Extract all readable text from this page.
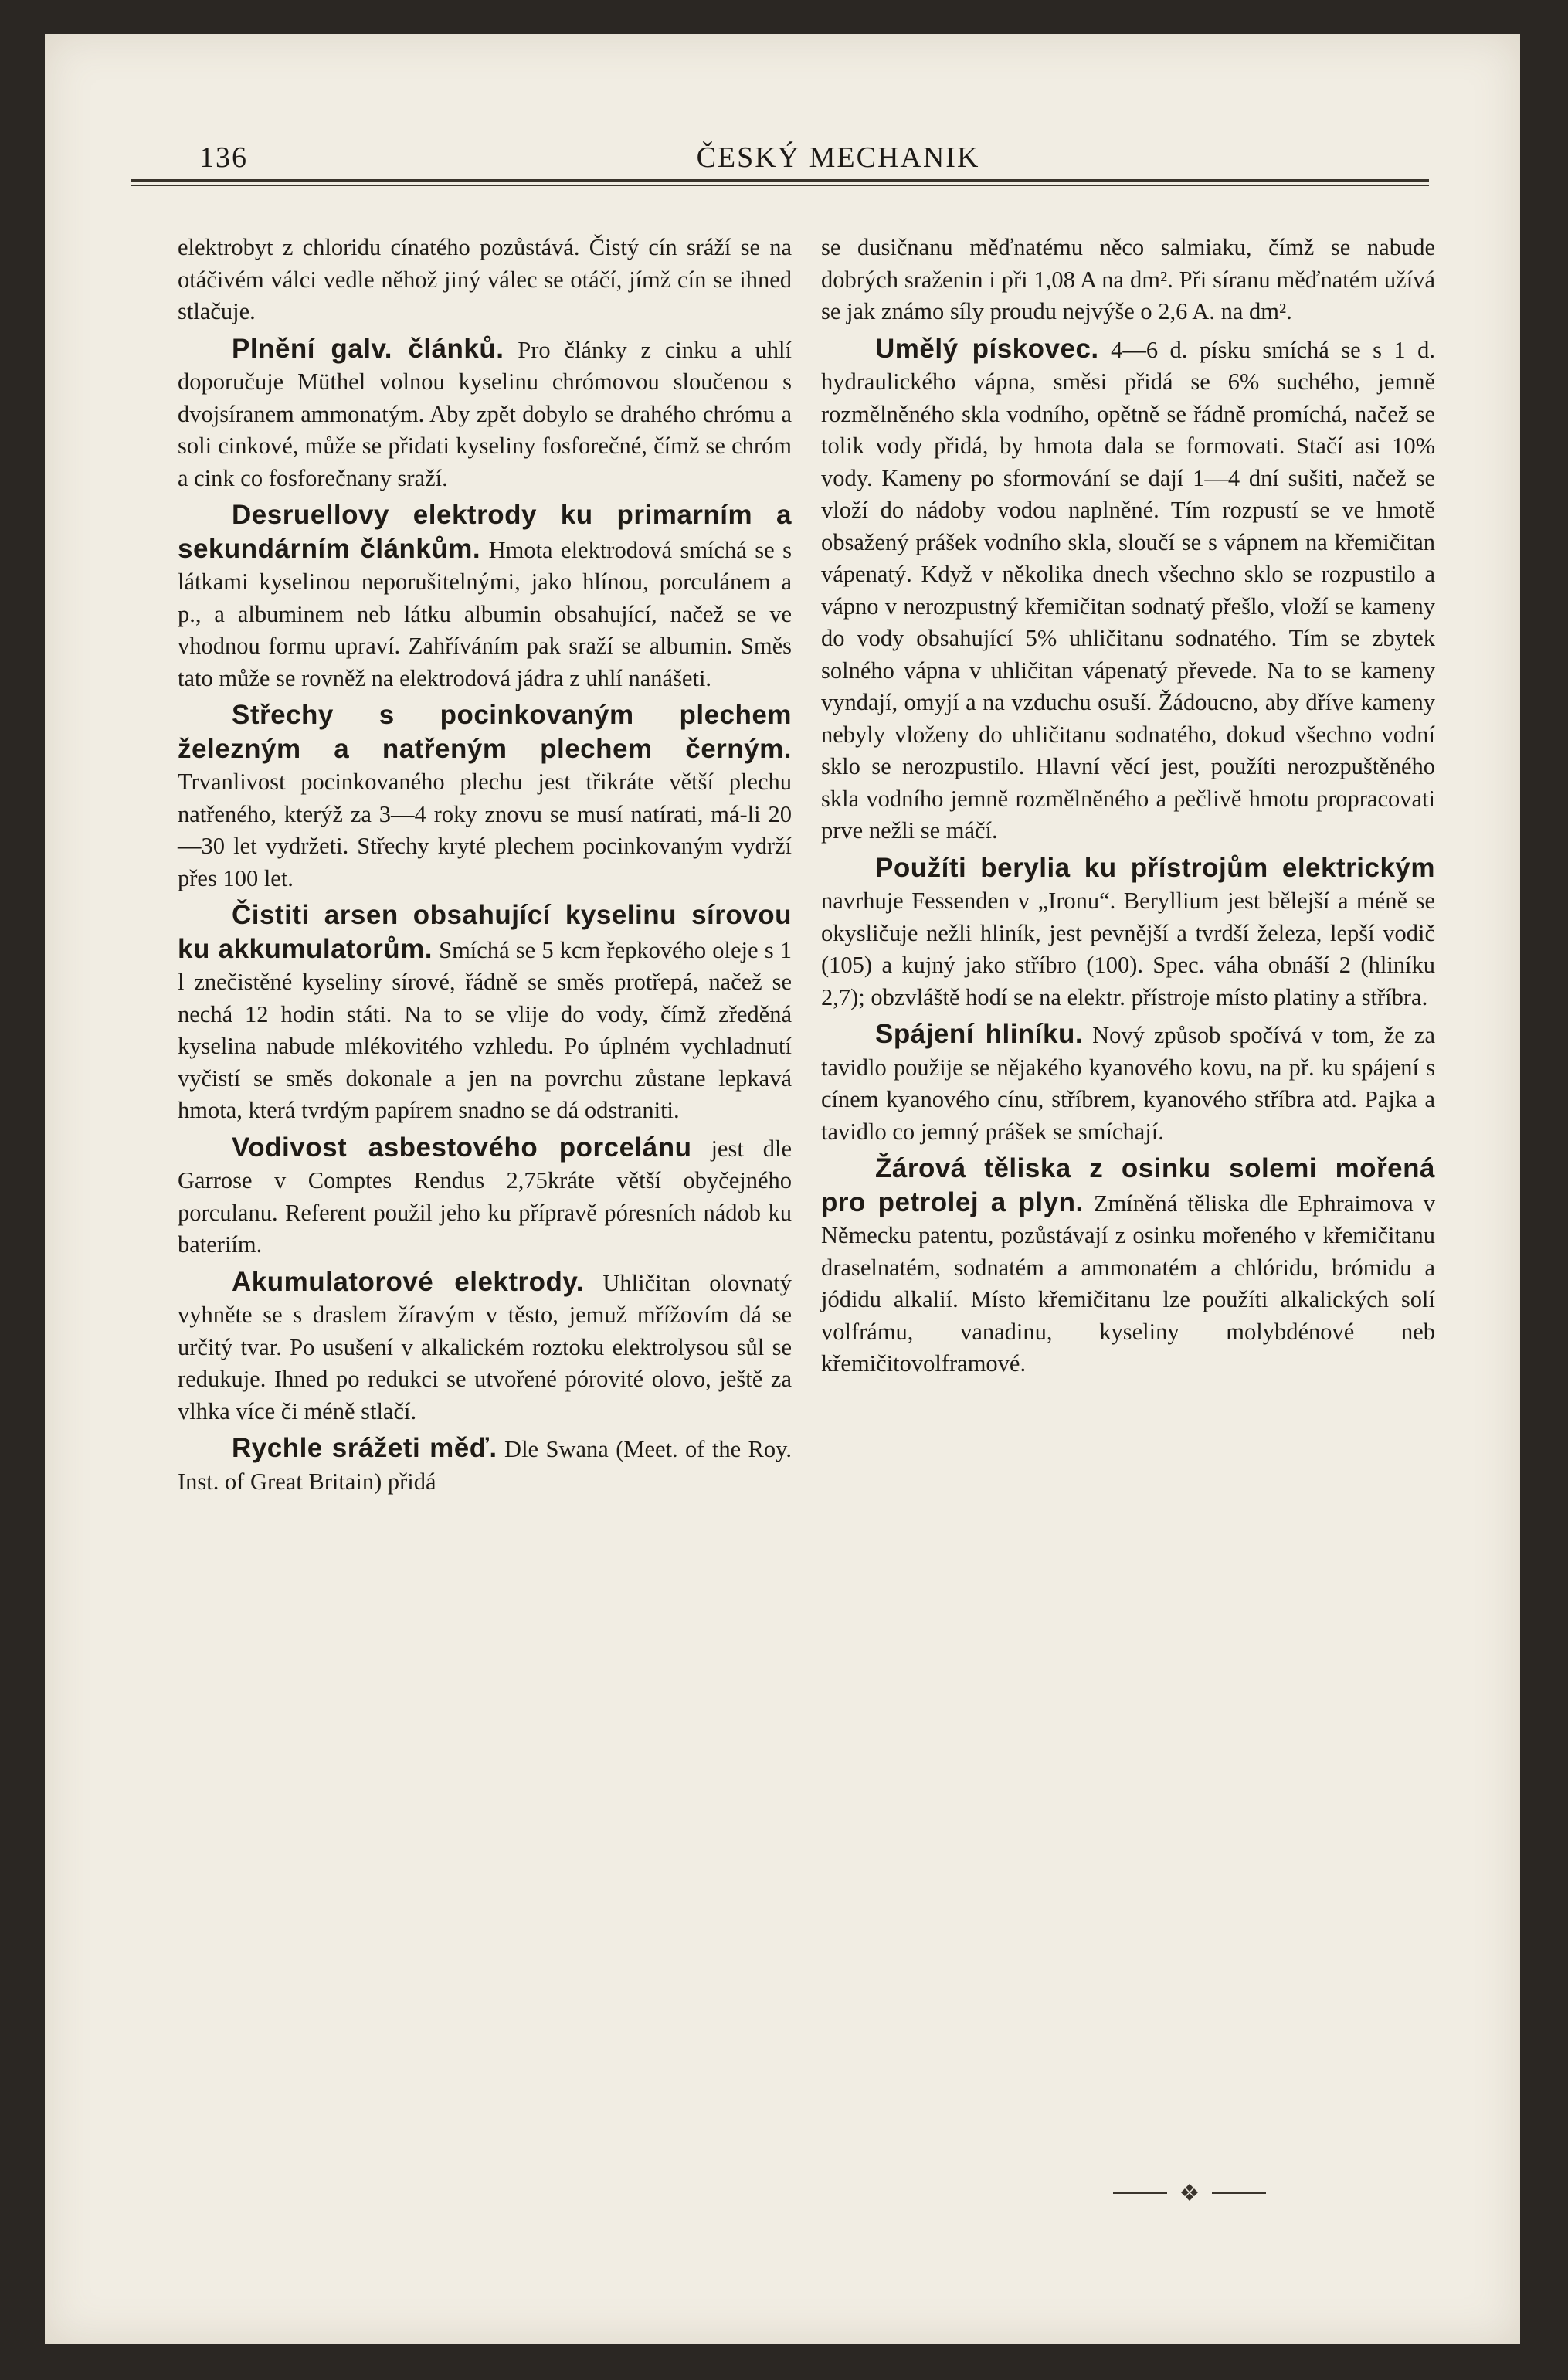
136	ČESKÝ MECHANIK

elektrobyt z chloridu cínatého pozůstává. Čistý cín sráží se na otáčivém válci vedle něhož jiný válec se otáčí, jímž cín se ihned stlačuje.

Plnění galv. článků. Pro články z cinku a uhlí doporučuje Müthel volnou kyselinu chrómovou sloučenou s dvojsíranem ammonatým. Aby zpět dobylo se drahého chrómu a soli cinkové, může se přidati kyseliny fosforečné, čímž se chróm a cink co fosforečnany sraží.

Desruellovy elektrody ku primarním a sekundárním článkům. Hmota elektrodová smíchá se s látkami kyselinou neporušitelnými, jako hlínou, porculánem a p., a albuminem neb látku albumin obsahující, načež se ve vhodnou formu upraví. Zahříváním pak sraží se albumin. Směs tato může se rovněž na elektrodová jádra z uhlí nanášeti.

Střechy s pocinkovaným plechem železným a natřeným plechem černým. Trvanlivost pocinkovaného plechu jest třikráte větší plechu natřeného, kterýž za 3—4 roky znovu se musí natírati, má-li 20—30 let vydržeti. Střechy kryté plechem pocinkovaným vydrží přes 100 let.

Čistiti arsen obsahující kyselinu sírovou ku akkumulatorům. Smíchá se 5 kcm řepkového oleje s 1 l znečistěné kyseliny sírové, řádně se směs protřepá, načež se nechá 12 hodin státi. Na to se vlije do vody, čímž zředěná kyselina nabude mlékovitého vzhledu. Po úplném vychladnutí vyčistí se směs dokonale a jen na povrchu zůstane lepkavá hmota, která tvrdým papírem snadno se dá odstraniti.

Vodivost asbestového porcelánu jest dle Garrose v Comptes Rendus 2,75kráte větší obyčejného porculanu. Referent použil jeho ku přípravě póresních nádob ku bateriím.

Akumulatorové elektrody. Uhličitan olovnatý vyhněte se s draslem žíravým v těsto, jemuž mřížovím dá se určitý tvar. Po usušení v alkalickém roztoku elektrolysou sůl se redukuje. Ihned po redukci se utvořené pórovité olovo, ještě za vlhka více či méně stlačí.

Rychle srážeti měď. Dle Swana (Meet. of the Roy. Inst. of Great Britain) přidá

se dusičnanu měďnatému něco salmiaku, čímž se nabude dobrých sraženin i při 1,08 A na dm². Při síranu měďnatém užívá se jak známo síly proudu nejvýše o 2,6 A. na dm².

Umělý pískovec. 4—6 d. písku smíchá se s 1 d. hydraulického vápna, směsi přidá se 6% suchého, jemně rozmělněného skla vodního, opětně se řádně promíchá, načež se tolik vody přidá, by hmota dala se formovati. Stačí asi 10% vody. Kameny po sformování se dají 1—4 dní sušiti, načež se vloží do nádoby vodou naplněné. Tím rozpustí se ve hmotě obsažený prášek vodního skla, sloučí se s vápnem na křemičitan vápenatý. Když v několika dnech všechno sklo se rozpustilo a vápno v nerozpustný křemičitan sodnatý přešlo, vloží se kameny do vody obsahující 5% uhličitanu sodnatého. Tím se zbytek solného vápna v uhličitan vápenatý převede. Na to se kameny vyndají, omyjí a na vzduchu osuší. Žádoucno, aby dříve kameny nebyly vloženy do uhličitanu sodnatého, dokud všechno vodní sklo se nerozpustilo. Hlavní věcí jest, použíti nerozpuštěného skla vodního jemně rozmělněného a pečlivě hmotu propracovati prve nežli se máčí.

Použíti berylia ku přístrojům elektrickým navrhuje Fessenden v „Ironu“. Beryllium jest bělejší a méně se okysličuje nežli hliník, jest pevnější a tvrdší železa, lepší vodič (105) a kujný jako stříbro (100). Spec. váha obnáší 2 (hliníku 2,7); obzvláště hodí se na elektr. přístroje místo platiny a stříbra.

Spájení hliníku. Nový způsob spočívá v tom, že za tavidlo použije se nějakého kyanového kovu, na př. ku spájení s cínem kyanového cínu, stříbrem, kyanového stříbra atd. Pajka a tavidlo co jemný prášek se smíchají.

Žárová těliska z osinku solemi mořená pro petrolej a plyn. Zmíněná těliska dle Ephraimova v Německu patentu, pozůstávají z osinku mořeného v křemičitanu draselnatém, sodnatém a ammonatém a chlóridu, brómidu a jódidu alkalií. Místo křemičitanu lze použíti alkalických solí volfrámu, vanadinu, kyseliny molybdénové neb křemičitovolframové.

❖
